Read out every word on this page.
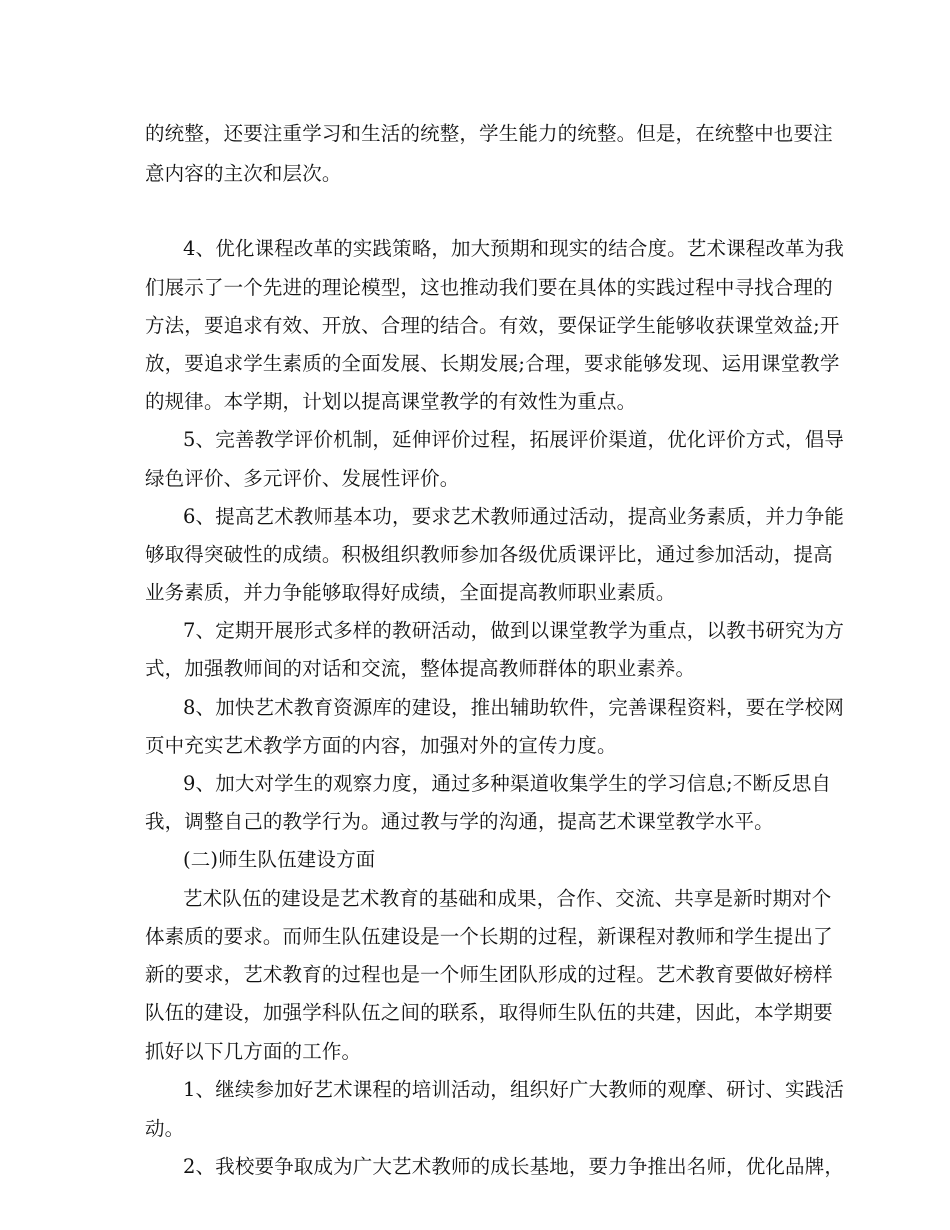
的统整，还要注重学习和生活的统整，学生能力的统整。但是，在统整中也要注
意内容的主次和层次。
4、优化课程改革的实践策略，加大预期和现实的结合度。艺术课程改革为我
们展示了一个先进的理论模型，这也推动我们要在具体的实践过程中寻找合理的
方法，要追求有效、开放、合理的结合。有效，要保证学生能够收获课堂效益;开
放，要追求学生素质的全面发展、长期发展;合理，要求能够发现、运用课堂教学
的规律。本学期，计划以提高课堂教学的有效性为重点。
5、完善教学评价机制，延伸评价过程，拓展评价渠道，优化评价方式，倡导
绿色评价、多元评价、发展性评价。
6、提高艺术教师基本功，要求艺术教师通过活动，提高业务素质，并力争能
够取得突破性的成绩。积极组织教师参加各级优质课评比，通过参加活动，提高
业务素质，并力争能够取得好成绩，全面提高教师职业素质。
7、定期开展形式多样的教研活动，做到以课堂教学为重点，以教书研究为方
式，加强教师间的对话和交流，整体提高教师群体的职业素养。
8、加快艺术教育资源库的建设，推出辅助软件，完善课程资料，要在学校网
页中充实艺术教学方面的内容，加强对外的宣传力度。
9、加大对学生的观察力度，通过多种渠道收集学生的学习信息;不断反思自
我，调整自己的教学行为。通过教与学的沟通，提高艺术课堂教学水平。
(二)师生队伍建设方面
艺术队伍的建设是艺术教育的基础和成果，合作、交流、共享是新时期对个
体素质的要求。而师生队伍建设是一个长期的过程，新课程对教师和学生提出了
新的要求，艺术教育的过程也是一个师生团队形成的过程。艺术教育要做好榜样
队伍的建设，加强学科队伍之间的联系，取得师生队伍的共建，因此，本学期要
抓好以下几方面的工作。
1、继续参加好艺术课程的培训活动，组织好广大教师的观摩、研讨、实践活
动。
2、我校要争取成为广大艺术教师的成长基地，要力争推出名师，优化品牌，
